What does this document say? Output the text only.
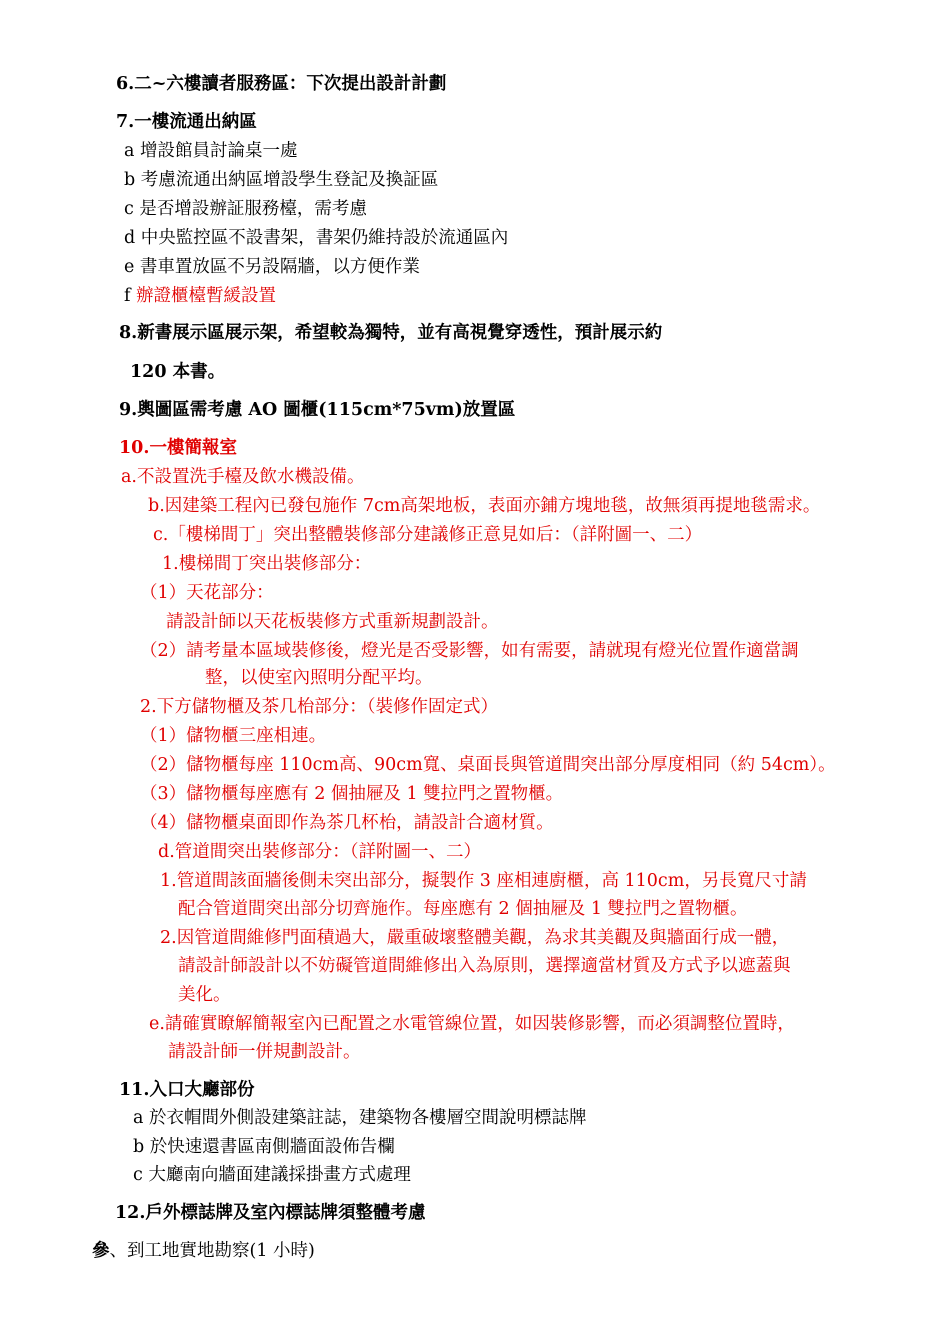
6.二~六樓讀者服務區：下次提出設計計劃
7.一樓流通出納區
a 增設館員討論桌一處
b 考慮流通出納區增設學生登記及換証區
c 是否增設辦証服務檯，需考慮
d 中央監控區不設書架，書架仍維持設於流通區內
e 書車置放區不另設隔牆，以方便作業
f 辦證櫃檯暫緩設置
8.新書展示區展示架，希望較為獨特，並有高視覺穿透性，預計展示約
120 本書。
9.輿圖區需考慮 AO 圖櫃(115cm*75vm)放置區
10.一樓簡報室
a.不設置洗手檯及飲水機設備。
b.因建築工程內已發包施作 7cm高架地板，表面亦鋪方塊地毯，故無須再提地毯需求。
c.「樓梯間丁」突出整體裝修部分建議修正意見如后：（詳附圖一、二）
1.樓梯間丁突出裝修部分：
（1）天花部分：
請設計師以天花板裝修方式重新規劃設計。
（2）請考量本區域裝修後，燈光是否受影響，如有需要，請就現有燈光位置作適當調
整，以使室內照明分配平均。
2.下方儲物櫃及茶几枱部分：（裝修作固定式）
（1）儲物櫃三座相連。
（2）儲物櫃每座 110cm高、90cm寬、桌面長與管道間突出部分厚度相同（約 54cm）。
（3）儲物櫃每座應有 2 個抽屜及 1 雙拉門之置物櫃。
（4）儲物櫃桌面即作為茶几杯枱，請設計合適材質。
d.管道間突出裝修部分：（詳附圖一、二）
1.管道間該面牆後側未突出部分，擬製作 3 座相連廚櫃，高 110cm，另長寬尺寸請
配合管道間突出部分切齊施作。每座應有 2 個抽屜及 1 雙拉門之置物櫃。
2.因管道間維修門面積過大，嚴重破壞整體美觀，為求其美觀及與牆面行成一體，
請設計師設計以不妨礙管道間維修出入為原則，選擇適當材質及方式予以遮蓋與
美化。
e.請確實瞭解簡報室內已配置之水電管線位置，如因裝修影響，而必須調整位置時，
請設計師一併規劃設計。
11.入口大廳部份
a 於衣帽間外側設建築註誌，建築物各樓層空間說明標誌牌
b 於快速還書區南側牆面設佈告欄
c 大廳南向牆面建議採掛畫方式處理
12.戶外標誌牌及室內標誌牌須整體考慮
參、到工地實地勘察(1 小時)
